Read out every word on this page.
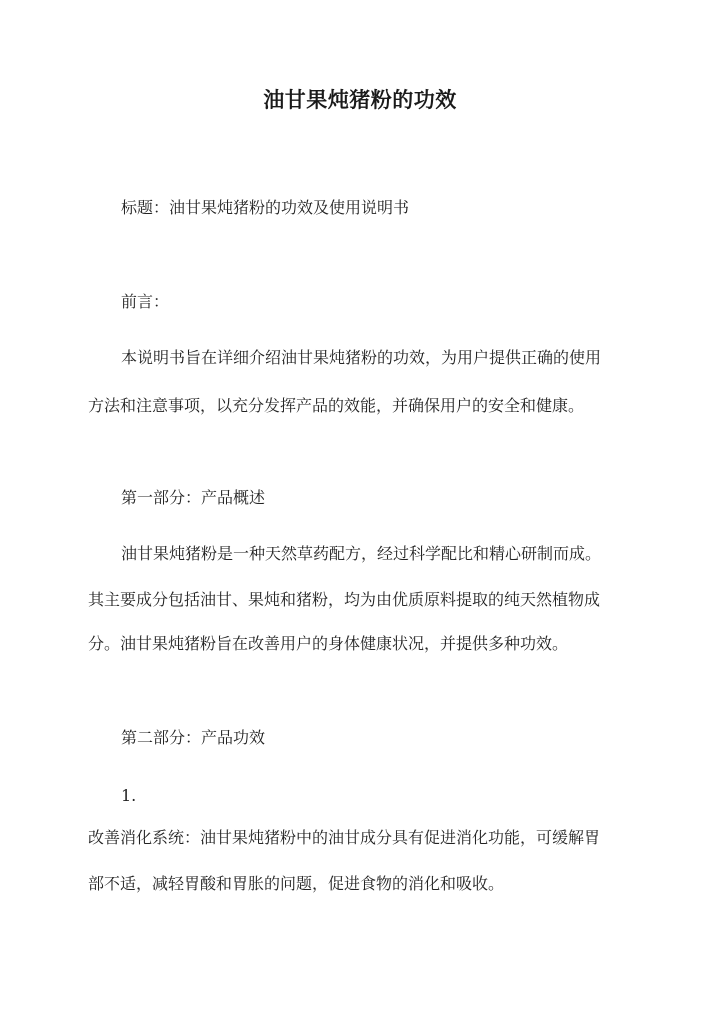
油甘果炖猪粉的功效
标题：油甘果炖猪粉的功效及使用说明书
前言：
本说明书旨在详细介绍油甘果炖猪粉的功效，为用户提供正确的使用
方法和注意事项，以充分发挥产品的效能，并确保用户的安全和健康。
第一部分：产品概述
油甘果炖猪粉是一种天然草药配方，经过科学配比和精心研制而成。
其主要成分包括油甘、果炖和猪粉，均为由优质原料提取的纯天然植物成
分。油甘果炖猪粉旨在改善用户的身体健康状况，并提供多种功效。
第二部分：产品功效
1.
改善消化系统：油甘果炖猪粉中的油甘成分具有促进消化功能，可缓解胃
部不适，减轻胃酸和胃胀的问题，促进食物的消化和吸收。
